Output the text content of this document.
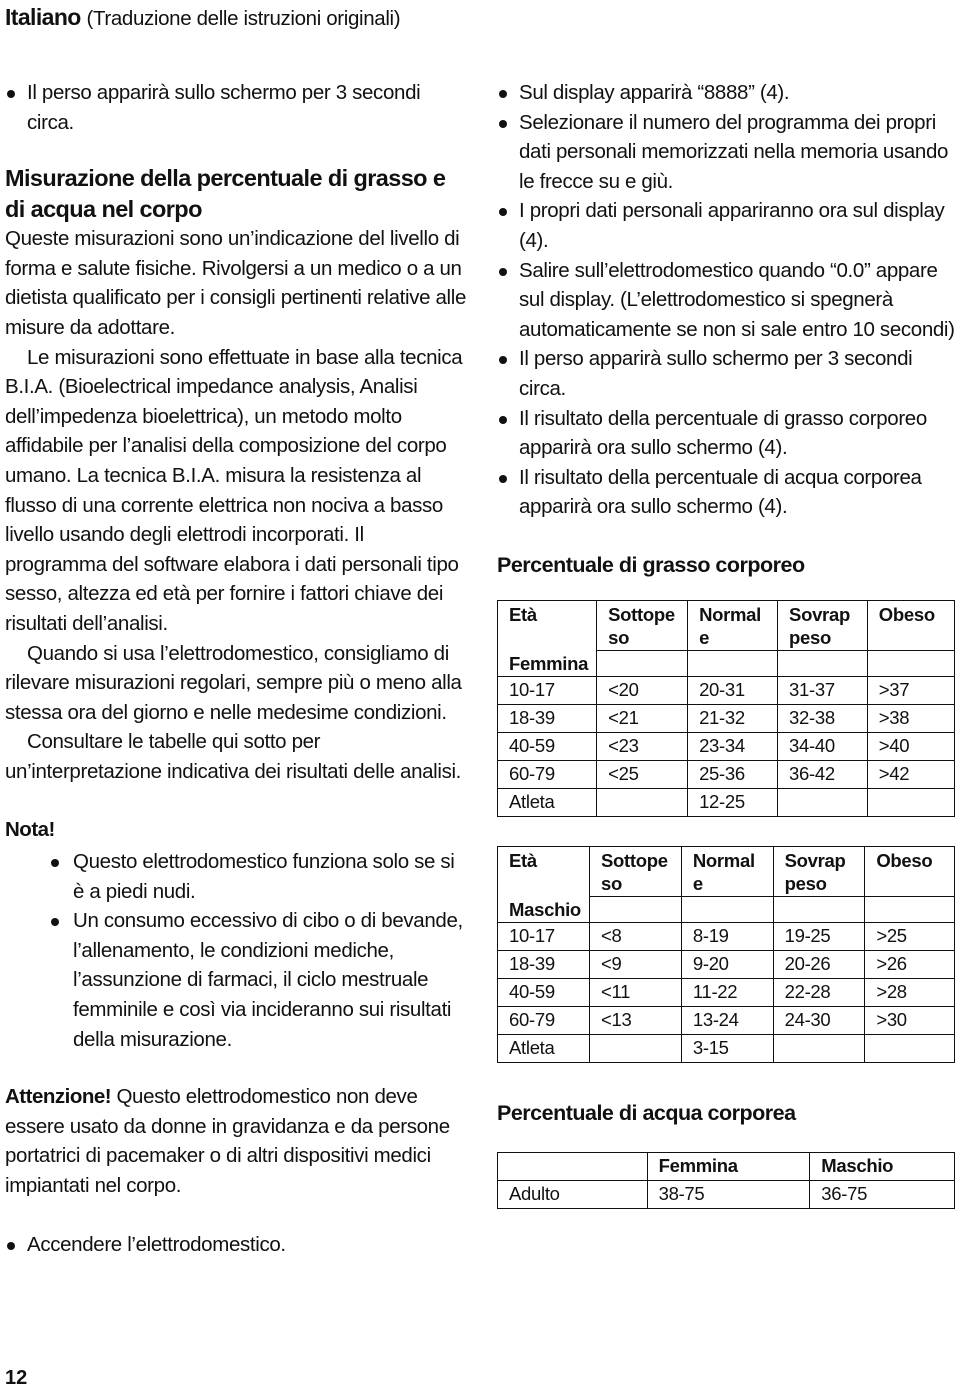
Italiano (Traduzione delle istruzioni originali)
Il perso apparirà sullo schermo per 3 secondi circa.
Misurazione della percentuale di grasso e di acqua nel corpo

Queste misurazioni sono un’indicazione del livello di forma e salute fisiche. Rivolgersi a un medico o a un dietista qualificato per i consigli pertinenti relative alle misure da adottare.

Le misurazioni sono effettuate in base alla tecnica B.I.A. (Bioelectrical impedance analysis, Analisi dell’impedenza bioelettrica), un metodo molto affidabile per l’analisi della composizione del corpo umano. La tecnica B.I.A. misura la resistenza al flusso di una corrente elettrica non nociva a basso livello usando degli elettrodi incorporati. Il programma del software elabora i dati personali tipo sesso, altezza ed età per fornire i fattori chiave dei risultati dell’analisi.

Quando si usa l’elettrodomestico, consigliamo di rilevare misurazioni regolari, sempre più o meno alla stessa ora del giorno e nelle medesime condizioni.

Consultare le tabelle qui sotto per un’interpretazione indicativa dei risultati delle analisi.

Nota!
Questo elettrodomestico funziona solo se si è a piedi nudi.
Un consumo eccessivo di cibo o di bevande, l’allenamento, le condizioni mediche, l’assunzione di farmaci, il ciclo mestruale femminile e così via incideranno sui risultati della misurazione.

Attenzione! Questo elettrodomestico non deve essere usato da donne in gravidanza e da persone portatrici di pacemaker o di altri dispositivi medici impiantati nel corpo.

Accendere l’elettrodomestico.
Sul display apparirà “8888” (4).
Selezionare il numero del programma dei propri dati personali memorizzati nella memoria usando le frecce su e giù.
I propri dati personali appariranno ora sul display (4).
Salire sull’elettrodomestico quando “0.0” appare sul display. (L’elettrodomestico si spegnerà automaticamente se non si sale entro 10 secondi)
Il perso apparirà sullo schermo per 3 secondi circa.
Il risultato della percentuale di grasso corporeo apparirà ora sullo schermo (4).
Il risultato della percentuale di acqua corporea apparirà ora sullo schermo (4).
Percentuale di grasso corporeo
Età	Sottope so	Normal e	Sovrap peso	Obeso
Femmina				
10-17	<20	20-31	31-37	>37
18-39	<21	21-32	32-38	>38
40-59	<23	23-34	34-40	>40
60-79	<25	25-36	36-42	>42
Atleta		12-25		
Età	Sottope so	Normal e	Sovrap peso	Obeso
Maschio				
10-17	<8	8-19	19-25	>25
18-39	<9	9-20	20-26	>26
40-59	<11	11-22	22-28	>28
60-79	<13	13-24	24-30	>30
Atleta		3-15		
Percentuale di acqua corporea
	Femmina	Maschio
Adulto	38-75	36-75
12
